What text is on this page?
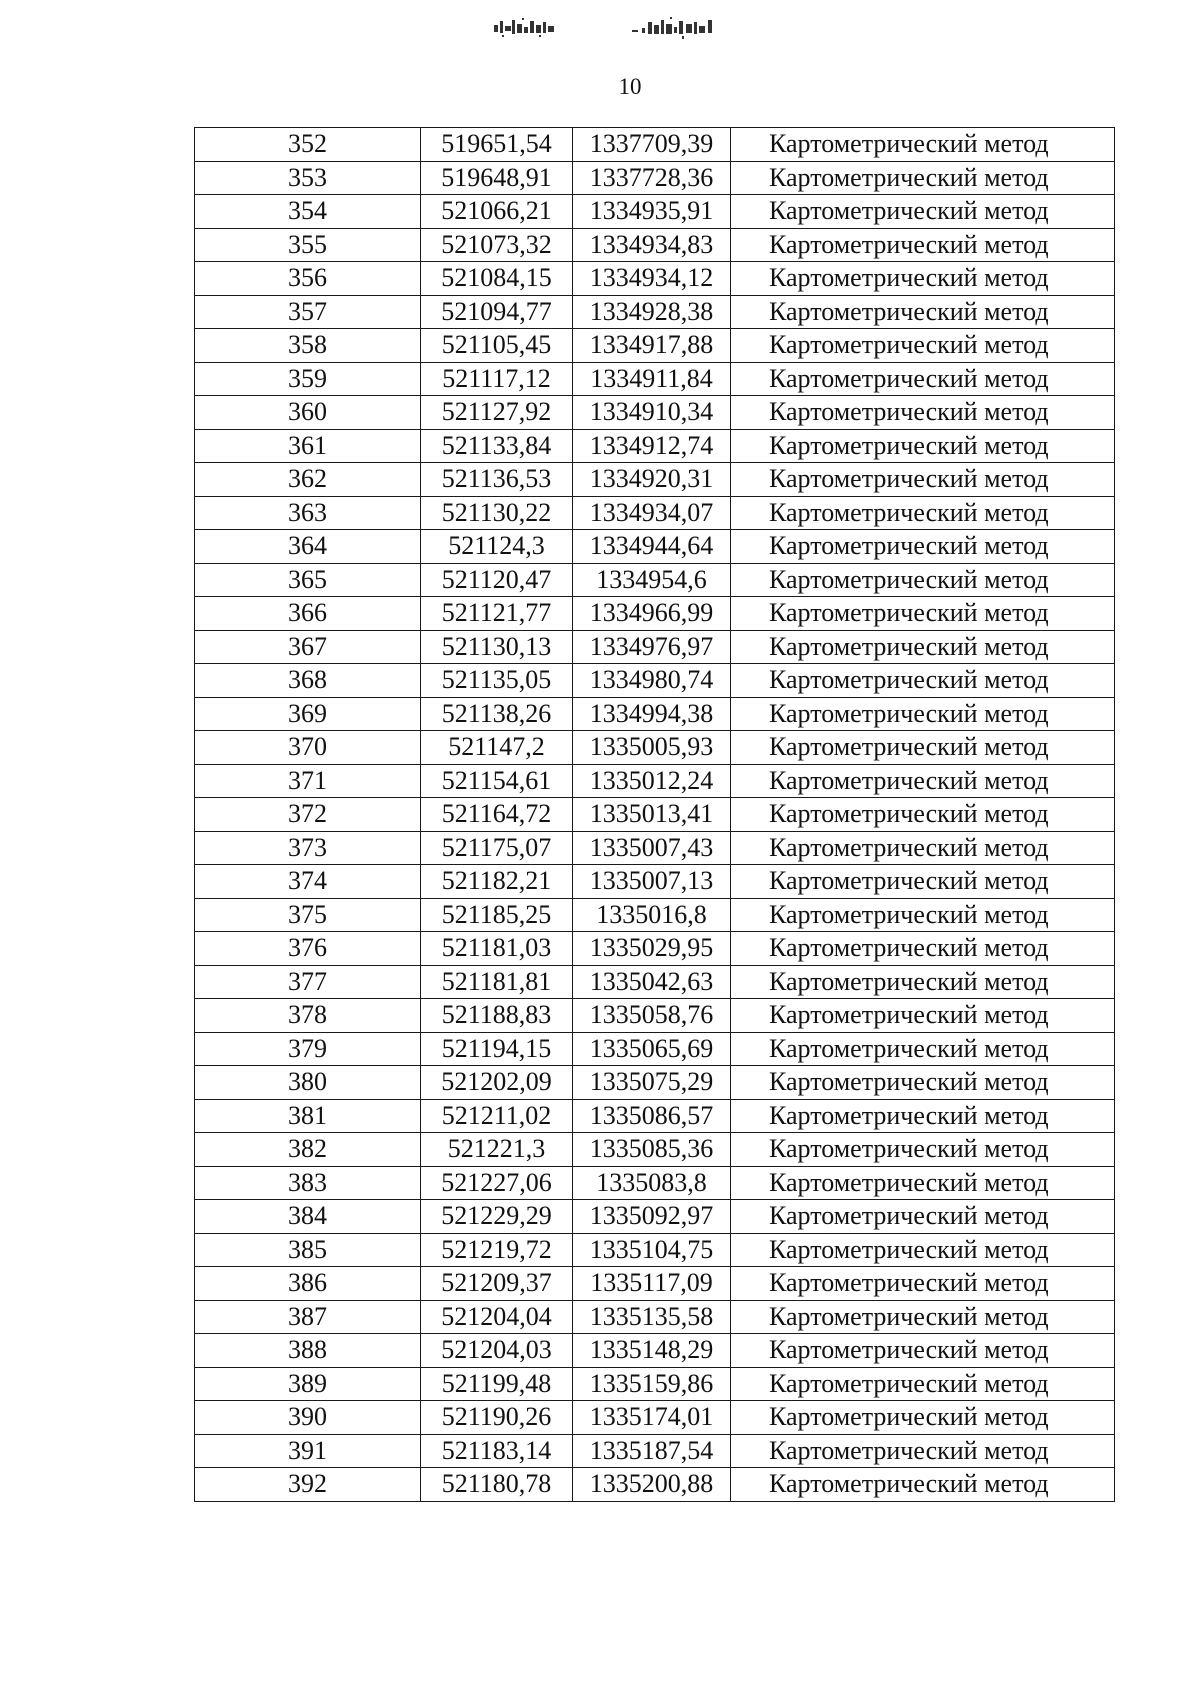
10
352	519651,54	1337709,39	Картометрический метод
353	519648,91	1337728,36	Картометрический метод
354	521066,21	1334935,91	Картометрический метод
355	521073,32	1334934,83	Картометрический метод
356	521084,15	1334934,12	Картометрический метод
357	521094,77	1334928,38	Картометрический метод
358	521105,45	1334917,88	Картометрический метод
359	521117,12	1334911,84	Картометрический метод
360	521127,92	1334910,34	Картометрический метод
361	521133,84	1334912,74	Картометрический метод
362	521136,53	1334920,31	Картометрический метод
363	521130,22	1334934,07	Картометрический метод
364	521124,3	1334944,64	Картометрический метод
365	521120,47	1334954,6	Картометрический метод
366	521121,77	1334966,99	Картометрический метод
367	521130,13	1334976,97	Картометрический метод
368	521135,05	1334980,74	Картометрический метод
369	521138,26	1334994,38	Картометрический метод
370	521147,2	1335005,93	Картометрический метод
371	521154,61	1335012,24	Картометрический метод
372	521164,72	1335013,41	Картометрический метод
373	521175,07	1335007,43	Картометрический метод
374	521182,21	1335007,13	Картометрический метод
375	521185,25	1335016,8	Картометрический метод
376	521181,03	1335029,95	Картометрический метод
377	521181,81	1335042,63	Картометрический метод
378	521188,83	1335058,76	Картометрический метод
379	521194,15	1335065,69	Картометрический метод
380	521202,09	1335075,29	Картометрический метод
381	521211,02	1335086,57	Картометрический метод
382	521221,3	1335085,36	Картометрический метод
383	521227,06	1335083,8	Картометрический метод
384	521229,29	1335092,97	Картометрический метод
385	521219,72	1335104,75	Картометрический метод
386	521209,37	1335117,09	Картометрический метод
387	521204,04	1335135,58	Картометрический метод
388	521204,03	1335148,29	Картометрический метод
389	521199,48	1335159,86	Картометрический метод
390	521190,26	1335174,01	Картометрический метод
391	521183,14	1335187,54	Картометрический метод
392	521180,78	1335200,88	Картометрический метод
